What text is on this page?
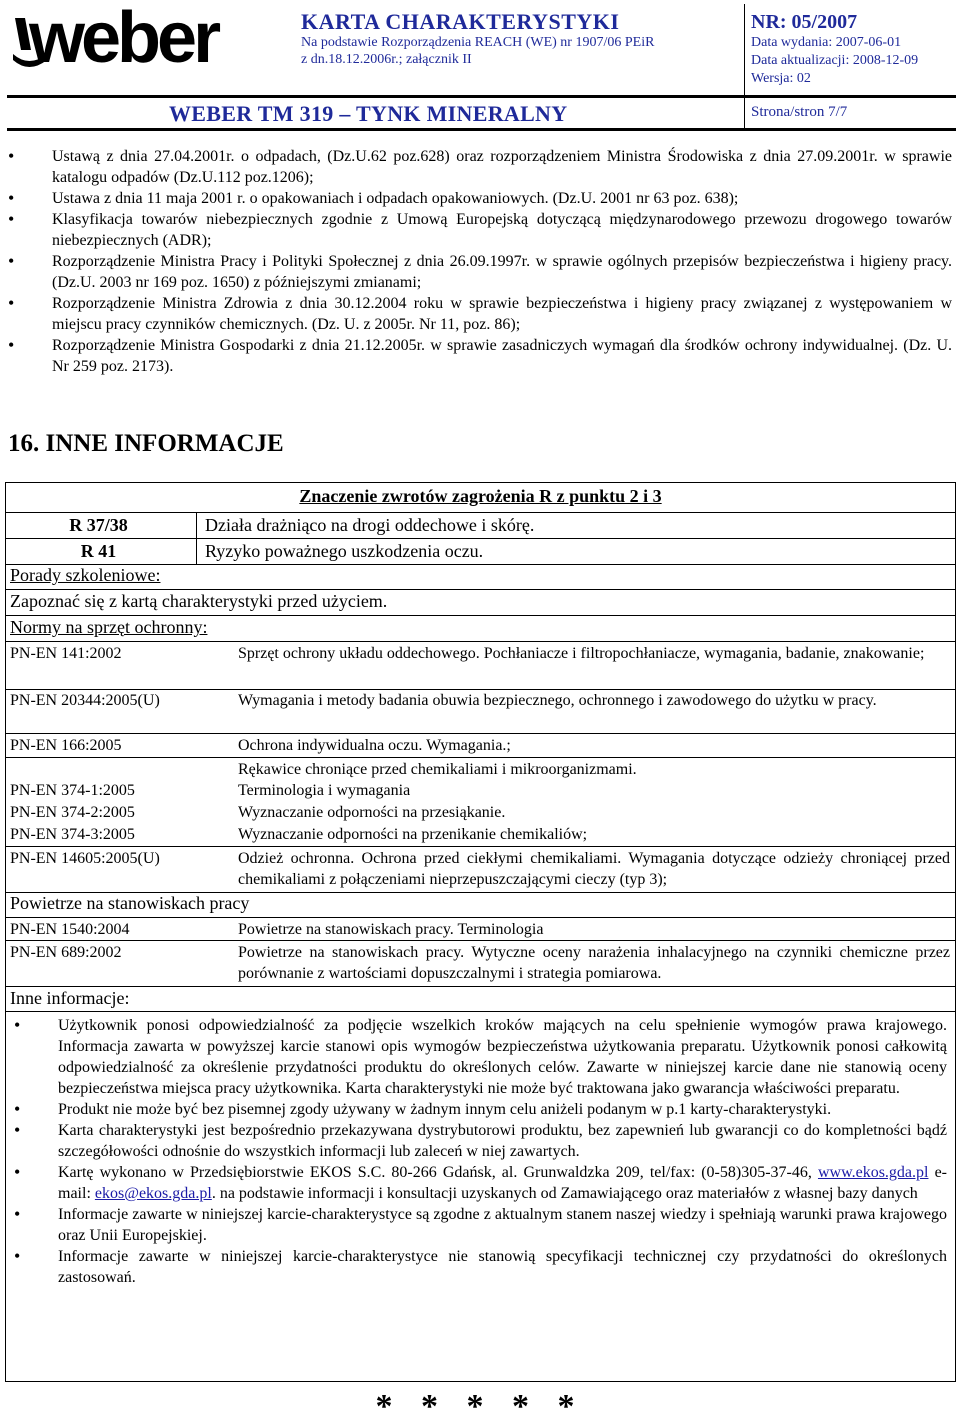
weber	KARTA CHARAKTERYSTYKI
Na podstawie Rozporządzenia REACH (WE) nr 1907/06 PEiR
z dn.18.12.2006r.; załącznik II
NR: 05/2007
Data wydania: 2007-06-01
Data aktualizacji: 2008-12-09
Wersja: 02
WEBER TM 319 – TYNK MINERALNY	Strona/stron 7/7
• Ustawą z dnia 27.04.2001r. o odpadach, (Dz.U.62 poz.628) oraz rozporządzeniem Ministra Środowiska z dnia 27.09.2001r. w sprawie katalogu odpadów (Dz.U.112 poz.1206);
• Ustawa z dnia 11 maja 2001 r. o opakowaniach i odpadach opakowaniowych. (Dz.U. 2001 nr 63 poz. 638);
• Klasyfikacja towarów niebezpiecznych zgodnie z Umową Europejską dotyczącą międzynarodowego przewozu drogowego towarów niebezpiecznych (ADR);
• Rozporządzenie Ministra Pracy i Polityki Społecznej z dnia 26.09.1997r. w sprawie ogólnych przepisów bezpieczeństwa i higieny pracy. (Dz.U. 2003 nr 169 poz. 1650) z późniejszymi zmianami;
• Rozporządzenie Ministra Zdrowia z dnia 30.12.2004 roku w sprawie bezpieczeństwa i higieny pracy związanej z występowaniem w miejscu pracy czynników chemicznych. (Dz. U. z 2005r. Nr 11, poz. 86);
• Rozporządzenie Ministra Gospodarki z dnia 21.12.2005r. w sprawie zasadniczych wymagań dla środków ochrony indywidualnej. (Dz. U. Nr 259 poz. 2173).
16. INNE INFORMACJE
Znaczenie zwrotów zagrożenia R z punktu 2 i 3
R 37/38	Działa drażniąco na drogi oddechowe i skórę.
R 41	Ryzyko poważnego uszkodzenia oczu.
Porady szkoleniowe:
Zapoznać się z kartą charakterystyki przed użyciem.
Normy na sprzęt ochronny:
PN-EN 141:2002	Sprzęt ochrony układu oddechowego. Pochłaniacze i filtropochłaniacze, wymagania, badanie, znakowanie;
PN-EN 20344:2005(U)	Wymagania i metody badania obuwia bezpiecznego, ochronnego i zawodowego do użytku w pracy.
PN-EN 166:2005	Ochrona indywidualna oczu. Wymagania.;
Rękawice chroniące przed chemikaliami i mikroorganizmami.
PN-EN 374-1:2005	Terminologia i wymagania
PN-EN 374-2:2005	Wyznaczanie odporności na przesiąkanie.
PN-EN 374-3:2005	Wyznaczanie odporności na przenikanie chemikaliów;
PN-EN 14605:2005(U)	Odzież ochronna. Ochrona przed ciekłymi chemikaliami. Wymagania dotyczące odzieży chroniącej przed chemikaliami z połączeniami nieprzepuszczającymi cieczy (typ 3);
Powietrze na stanowiskach pracy
PN-EN 1540:2004	Powietrze na stanowiskach pracy. Terminologia
PN-EN 689:2002	Powietrze na stanowiskach pracy. Wytyczne oceny narażenia inhalacyjnego na czynniki chemiczne przez porównanie z wartościami dopuszczalnymi i strategia pomiarowa.
Inne informacje:
• Użytkownik ponosi odpowiedzialność za podjęcie wszelkich kroków mających na celu spełnienie wymogów prawa krajowego. Informacja zawarta w powyższej karcie stanowi opis wymogów bezpieczeństwa użytkowania preparatu. Użytkownik ponosi całkowitą odpowiedzialność za określenie przydatności produktu do określonych celów. Zawarte w niniejszej karcie dane nie stanowią oceny bezpieczeństwa miejsca pracy użytkownika. Karta charakterystyki nie może być traktowana jako gwarancja właściwości preparatu.
• Produkt nie może być bez pisemnej zgody używany w żadnym innym celu aniżeli podanym w p.1 karty-charakterystyki.
• Karta charakterystyki jest bezpośrednio przekazywana dystrybutorowi produktu, bez zapewnień lub gwarancji co do kompletności bądź szczegółowości odnośnie do wszystkich informacji lub zaleceń w niej zawartych.
• Kartę wykonano w Przedsiębiorstwie EKOS S.C. 80-266 Gdańsk, al. Grunwaldzka 209, tel/fax: (0-58)305-37-46, www.ekos.gda.pl e-mail: ekos@ekos.gda.pl. na podstawie informacji i konsultacji uzyskanych od Zamawiającego oraz materiałów z własnej bazy danych
• Informacje zawarte w niniejszej karcie-charakterystyce są zgodne z aktualnym stanem naszej wiedzy i spełniają warunki prawa krajowego oraz Unii Europejskiej.
• Informacje zawarte w niniejszej karcie-charakterystyce nie stanowią specyfikacji technicznej czy przydatności do określonych zastosowań.
* * * * *
